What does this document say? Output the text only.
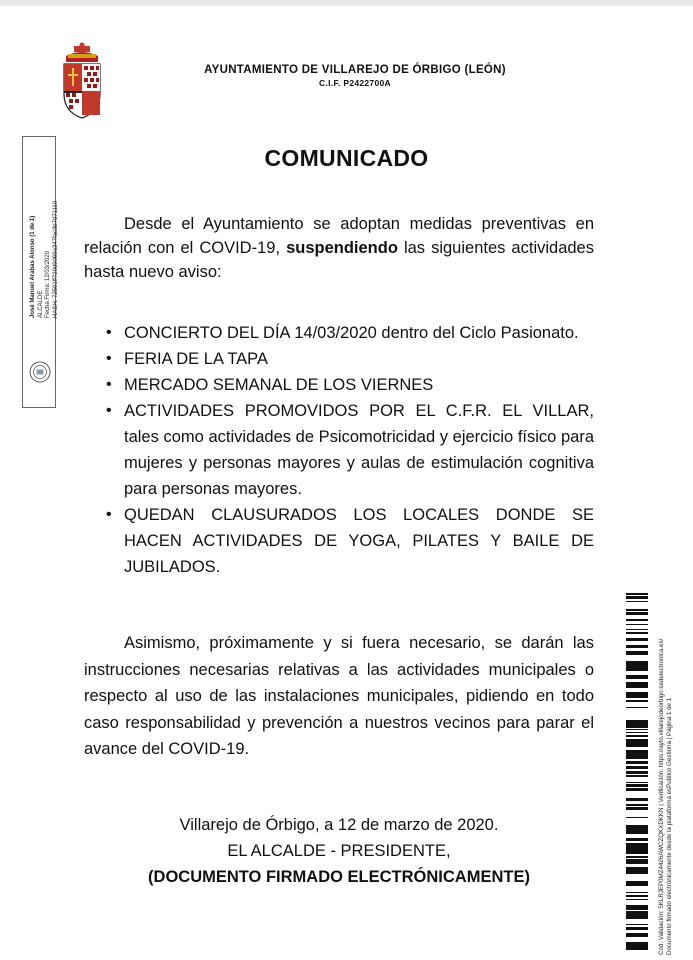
AYUNTAMIENTO DE VILLAREJO DE ÓRBIGO (LEÓN)
C.I.F. P2422700A
José Manuel Arabas Alonso (1 de 1) ALCALDE Fecha Firma: 12/03/2020 HASH: 72501ff729d9069a347fac3b7d71110
COMUNICADO
Desde el Ayuntamiento se adoptan medidas preventivas en relación con el COVID-19, suspendiendo las siguientes actividades hasta nuevo aviso:
• CONCIERTO DEL DÍA 14/03/2020 dentro del Ciclo Pasionato.
• FERIA DE LA TAPA
• MERCADO SEMANAL DE LOS VIERNES
• ACTIVIDADES PROMOVIDOS POR EL C.F.R. EL VILLAR, tales como actividades de Psicomotricidad y ejercicio físico para mujeres y personas mayores y aulas de estimulación cognitiva para personas mayores.
• QUEDAN CLAUSURADOS LOS LOCALES DONDE SE HACEN ACTIVIDADES DE YOGA, PILATES Y BAILE DE JUBILADOS.
Asimismo, próximamente y si fuera necesario, se darán las instrucciones necesarias relativas a las actividades municipales o respecto al uso de las instalaciones municipales, pidiendo en todo caso responsabilidad y prevención a nuestros vecinos para parar el avance del COVID-19.
Villarejo de Órbigo, a 12 de marzo de 2020.
EL ALCALDE - PRESIDENTE,
(DOCUMENTO FIRMADO ELECTRÓNICAMENTE)	Cód. Validación: 5KLRJEP0MZ4426AWCZQKXDKKN | Verificación: https://ayto.villarejodeorbigo.sedelectronica.es/ Documento firmado electrónicamente desde la plataforma esPublico Gestiona | Página 1 de 1
